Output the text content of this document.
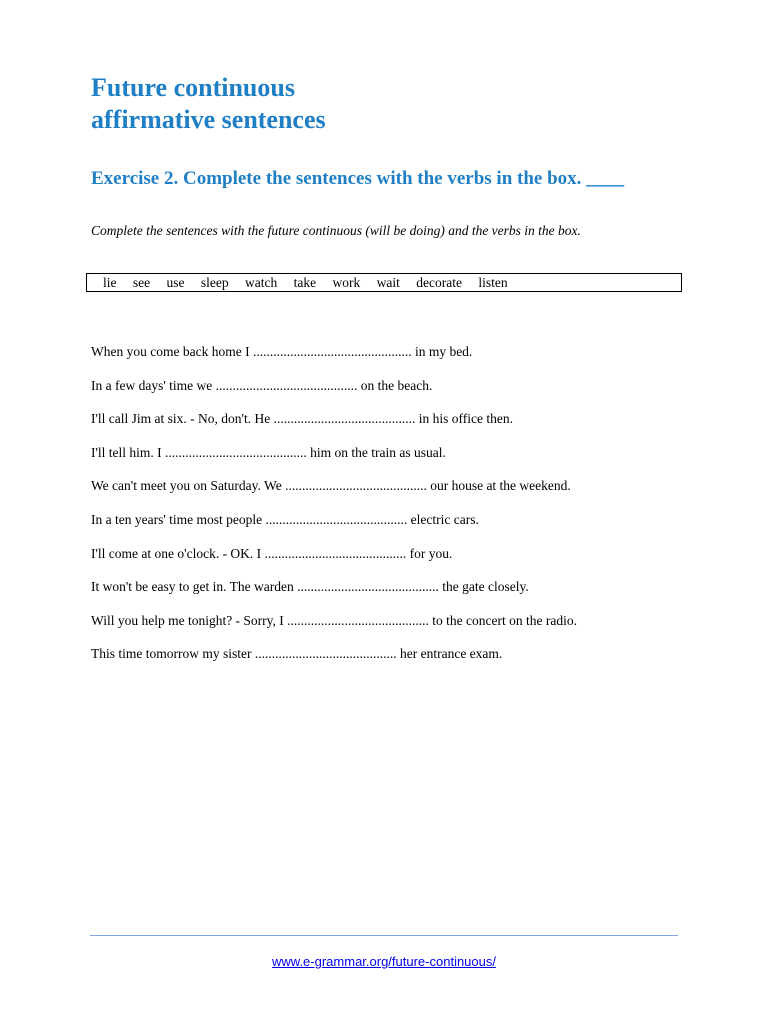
Future continuous
affirmative sentences
Exercise 2. Complete the sentences with the verbs in the box. ____

Complete the sentences with the future continuous (will be doing) and the verbs in the box.

lie see use sleep watch take work wait decorate listen
When you come back home I ............................................... in my bed.
In a few days' time we .......................................... on the beach.
I'll call Jim at six. - No, don't. He .......................................... in his office then.
I'll tell him. I .......................................... him on the train as usual.
We can't meet you on Saturday. We .......................................... our house at the weekend.
In a ten years' time most people .......................................... electric cars.
I'll come at one o'clock. - OK. I .......................................... for you.
It won't be easy to get in. The warden .......................................... the gate closely.
Will you help me tonight? - Sorry, I .......................................... to the concert on the radio.
This time tomorrow my sister .......................................... her entrance exam.
www.e-grammar.org/future-continuous/
